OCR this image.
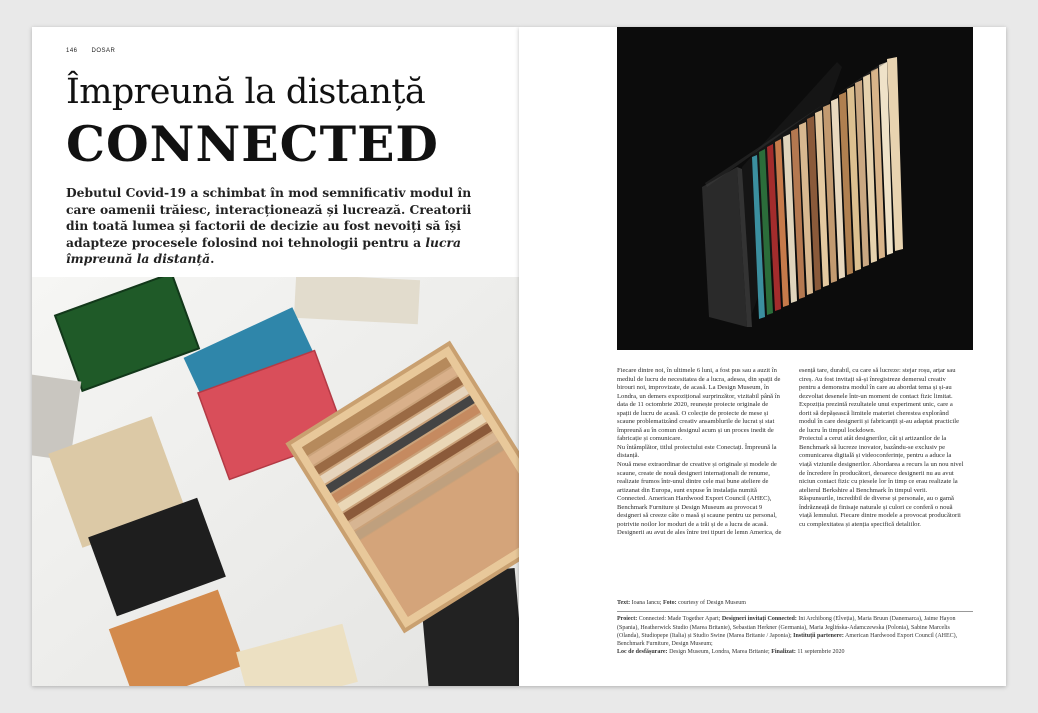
146 DOSAR
Împreună la distanță
CONNECTED
Debutul Covid-19 a schimbat în mod semnificativ modul în care oamenii trăiesc, interacționează și lucrează. Creatorii din toată lumea și factorii de decizie au fost nevoiți să își adapteze procesele folosind noi tehnologii pentru a lucra împreună la distanță.

Fiecare dintre noi, în ultimele 6 luni, a fost pus sau a auzit în mediul de lucru de necesitatea de a lucra, adesea, din spații de birouri noi, improvizate, de acasă. La Design Museum, în Londra, un demers expozițional surprinzător, vizitabil până în data de 11 octombrie 2020, reunește proiecte originale de spații de lucru de acasă. O colecție de proiecte de mese și scaune problematizând creativ ansamblurile de lucrat și stat împreună au în comun designul acum și un proces inedit de fabricație și comunicare.

Nu întâmplător, titlul proiectului este Conectați. Împreună la distanță.

Nouă mese extraordinar de creative și originale și modele de scaune, create de nouă designeri internaționali de renume, realizate frumos într-unul dintre cele mai bune ateliere de artizanat din Europa, sunt expuse în instalația numită Connected. American Hardwood Export Council (AHEC), Benchmark Furniture și Design Museum au provocat 9 designeri să creeze câte o masă și scaune pentru uz personal, potrivite noilor lor moduri de a trăi și de a lucra de acasă. Designerii au avut de ales între trei tipuri de lemn America, de

esență tare, durabil, cu care să lucreze: stejar roșu, arțar sau cireș. Au fost invitați să-și înregistreze demersul creativ pentru a demonstra modul în care au abordat tema și și-au dezvoltat desenele într-un moment de contact fizic limitat.

Expoziția prezintă rezultatele unui experiment unic, care a dorit să depășească limitele materiei cherestea explorând modul în care designerii și fabricanții și-au adaptat practicile de lucru în timpul lockdown.

Proiectul a cerut atât designerilor, cât și artizanilor de la Benchmark să lucreze inovator, bazându-se exclusiv pe comunicarea digitală și videoconferințe, pentru a aduce la viață viziunile designerilor. Abordarea a recurs la un nou nivel de încredere în producători, deoarece designerii nu au avut niciun contact fizic cu piesele lor în timp ce erau realizate la atelierul Berkshire al Benchmark în timpul verii.

Răspunsurile, incredibil de diverse și personale, au o gamă îndrăzneață de finisaje naturale și culori ce conferă o nouă viață lemnului. Fiecare dintre modele a provocat producătorii cu complexitatea și atenția specifică detaliilor.

Text: Ioana Iancu; Foto: courtesy of Design Museum
Proiect: Connected: Made Together Apart; Designeri invitați Connected: Ini Archibong (Elveția), Maria Bruun (Danemarca), Jaime Hayon (Spania), Heatherwick Studio (Marea Britanie), Sebastian Herkner (Germania), Maria Jeglińska-Adamczewska (Polonia), Sabine Marcelis (Olanda), Studiopepe (Italia) și Studio Swine (Marea Britanie / Japonia); Instituții partenere: American Hardwood Export Council (AHEC), Benchmark Furniture, Design Museum;
Loc de desfășurare: Design Museum, Londra, Marea Britanie; Finalizat: 11 septembrie 2020
